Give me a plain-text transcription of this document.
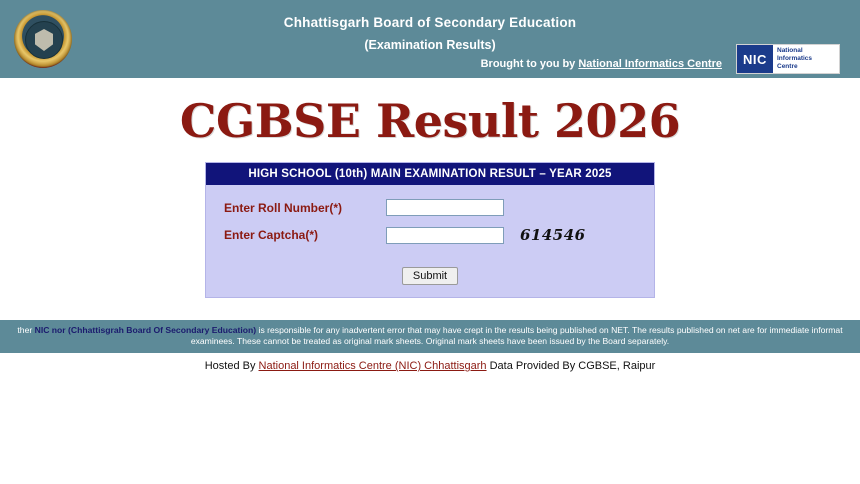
Chhattisgarh Board of Secondary Education
(Examination Results)
Brought to you by National Informatics Centre	NIC
National
Informatics
Centre
CGBSE Result 2026
HIGH SCHOOL (10th) MAIN EXAMINATION RESULT – YEAR 2025
Enter Roll Number(*)
Enter Captcha(*)	614546
Submit
ther NIC nor (Chhattisgrah Board Of Secondary Education) is responsible for any inadvertent error that may have crept in the results being published on NET. The results published on net are for immediate informat
examinees. These cannot be treated as original mark sheets. Original mark sheets have been issued by the Board separately.
Hosted By National Informatics Centre (NIC) Chhattisgarh Data Provided By CGBSE, Raipur
